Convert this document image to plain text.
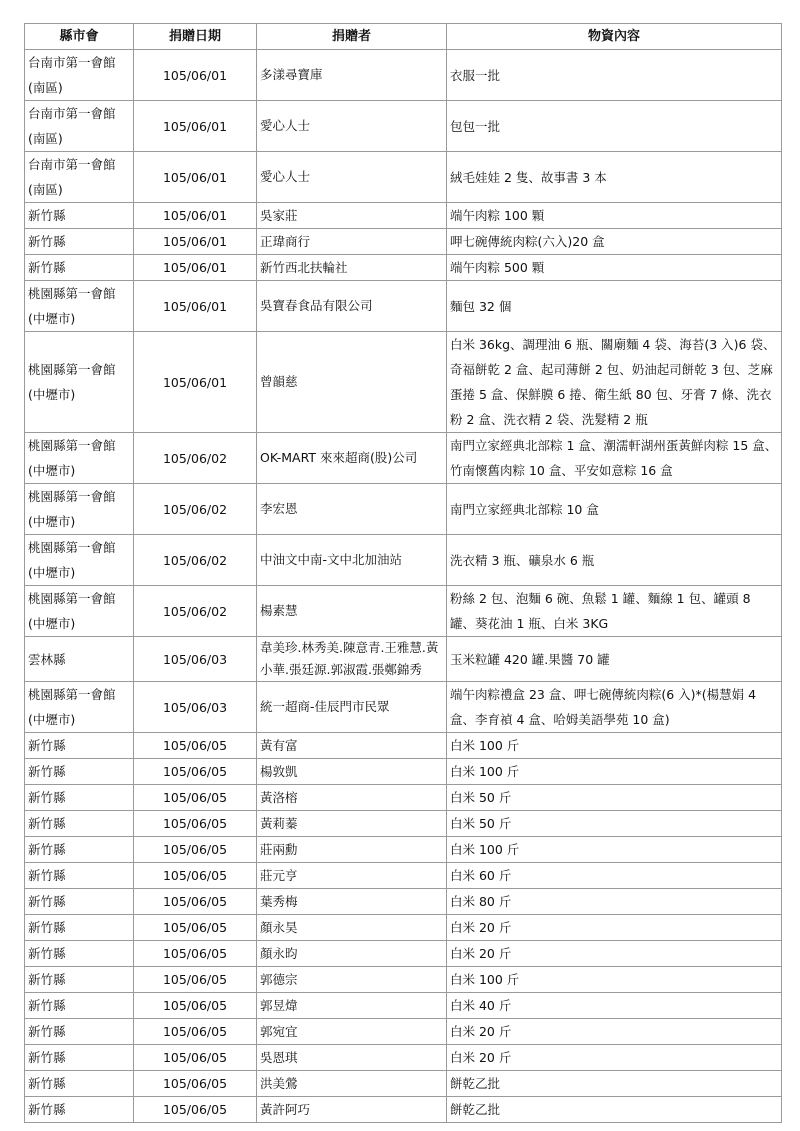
縣市會	捐贈日期	捐贈者	物資內容
台南市第一會館
(南區)	105/06/01	多漾尋寶庫	衣服一批
台南市第一會館
(南區)	105/06/01	愛心人士	包包一批
台南市第一會館
(南區)	105/06/01	愛心人士	絨毛娃娃 2 隻、故事書 3 本
新竹縣	105/06/01	吳家莊	端午肉粽 100 顆
新竹縣	105/06/01	正瑋商行	呷七碗傳統肉粽(六入)20 盒
新竹縣	105/06/01	新竹西北扶輪社	端午肉粽 500 顆
桃園縣第一會館
(中壢市)	105/06/01	吳寶春食品有限公司	麵包 32 個
桃園縣第一會館
(中壢市)	105/06/01	曾韻慈	白米 36kg、調理油 6 瓶、關廟麵 4 袋、海苔(3 入)6 袋、奇福餅乾 2 盒、起司薄餅 2 包、奶油起司餅乾 3 包、芝麻蛋捲 5 盒、保鮮膜 6 捲、衛生紙 80 包、牙膏 7 條、洗衣粉 2 盒、洗衣精 2 袋、洗髮精 2 瓶
桃園縣第一會館
(中壢市)	105/06/02	OK-MART 來來超商(股)公司	南門立家經典北部粽 1 盒、潮濡軒湖州蛋黃鮮肉粽 15 盒、竹南懷舊肉粽 10 盒、平安如意粽 16 盒
桃園縣第一會館
(中壢市)	105/06/02	李宏恩	南門立家經典北部粽 10 盒
桃園縣第一會館
(中壢市)	105/06/02	中油文中南-文中北加油站	洗衣精 3 瓶、礦泉水 6 瓶
桃園縣第一會館
(中壢市)	105/06/02	楊素慧	粉絲 2 包、泡麵 6 碗、魚鬆 1 罐、麵線 1 包、罐頭 8 罐、葵花油 1 瓶、白米 3KG
雲林縣	105/06/03	韋美珍.林秀美.陳意青.王雅慧.黃小華.張廷源.郭淑霞.張鄭錦秀	玉米粒罐 420 罐.果醬 70 罐
桃園縣第一會館
(中壢市)	105/06/03	統一超商-佳辰門市民眾	端午肉粽禮盒 23 盒、呷七碗傳統肉粽(6 入)*(楊慧娟 4 盒、李育禎 4 盒、哈姆美語學苑 10 盒)
新竹縣	105/06/05	黃有富	白米 100 斤
新竹縣	105/06/05	楊敦凱	白米 100 斤
新竹縣	105/06/05	黃洛榕	白米 50 斤
新竹縣	105/06/05	黃莉蓁	白米 50 斤
新竹縣	105/06/05	莊兩勳	白米 100 斤
新竹縣	105/06/05	莊元亨	白米 60 斤
新竹縣	105/06/05	葉秀梅	白米 80 斤
新竹縣	105/06/05	顏永昊	白米 20 斤
新竹縣	105/06/05	顏永昀	白米 20 斤
新竹縣	105/06/05	郭德宗	白米 100 斤
新竹縣	105/06/05	郭昱煒	白米 40 斤
新竹縣	105/06/05	郭宛宜	白米 20 斤
新竹縣	105/06/05	吳恩琪	白米 20 斤
新竹縣	105/06/05	洪美鶯	餅乾乙批
新竹縣	105/06/05	黃許阿巧	餅乾乙批
